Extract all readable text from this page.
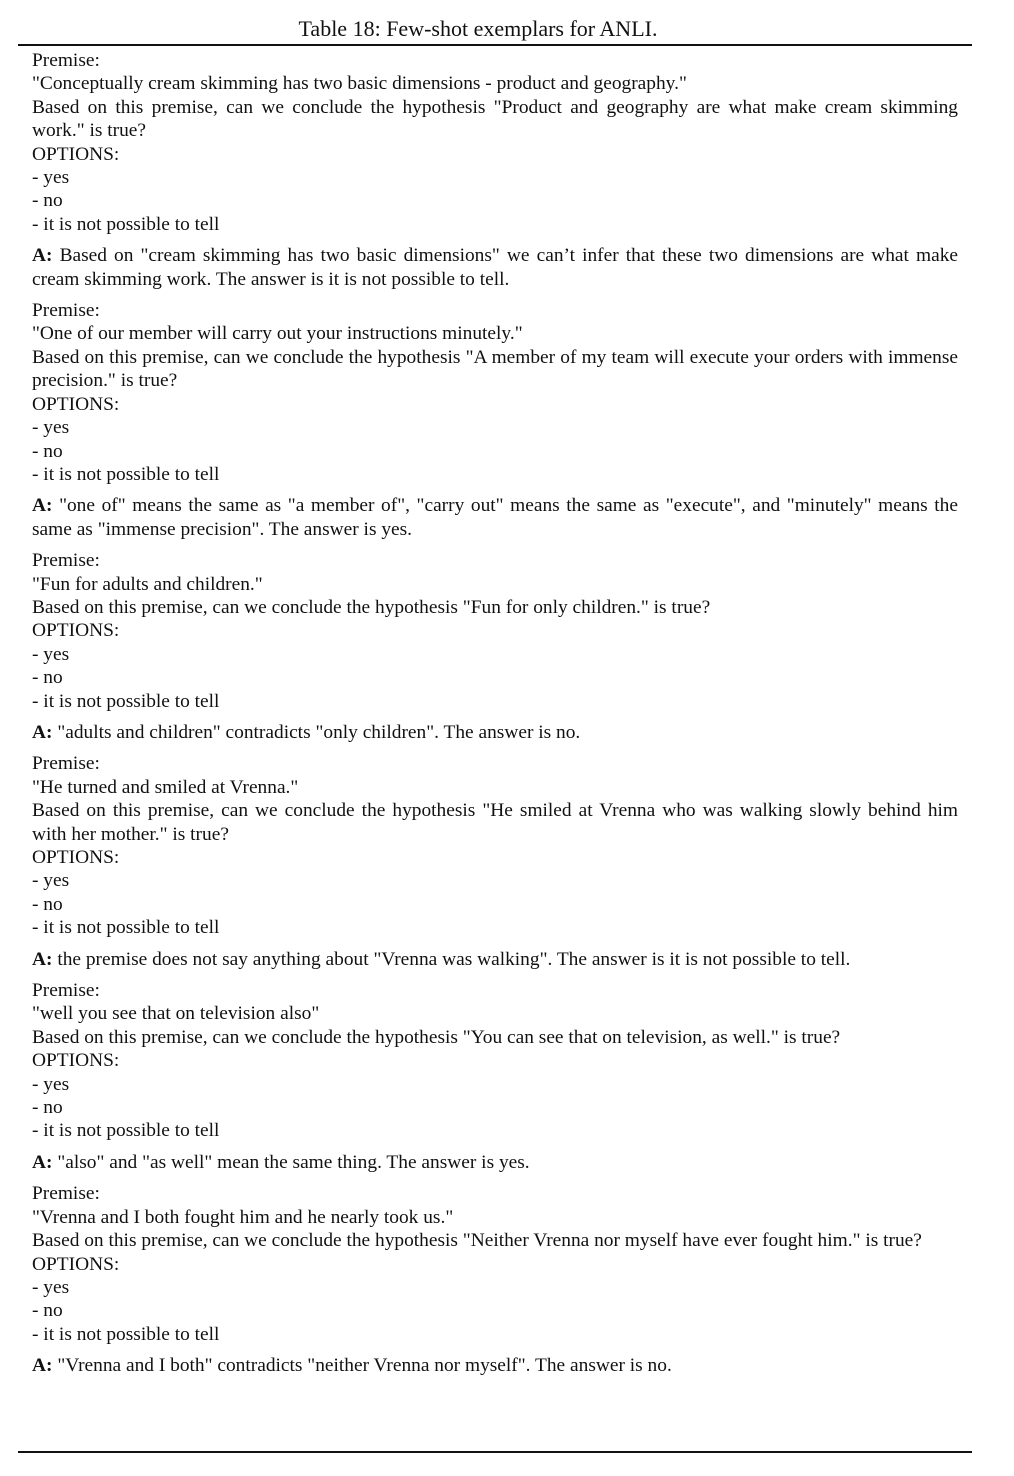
Table 18: Few-shot exemplars for ANLI.
Premise:
"Conceptually cream skimming has two basic dimensions - product and geography."
Based on this premise, can we conclude the hypothesis "Product and geography are what make cream skimming work." is true?
OPTIONS:
- yes
- no
- it is not possible to tell
A: Based on "cream skimming has two basic dimensions" we can’t infer that these two dimensions are what make cream skimming work. The answer is it is not possible to tell.
Premise:
"One of our member will carry out your instructions minutely."
Based on this premise, can we conclude the hypothesis "A member of my team will execute your orders with immense precision." is true?
OPTIONS:
- yes
- no
- it is not possible to tell
A: "one of" means the same as "a member of", "carry out" means the same as "execute", and "minutely" means the same as "immense precision". The answer is yes.
Premise:
"Fun for adults and children."
Based on this premise, can we conclude the hypothesis "Fun for only children." is true?
OPTIONS:
- yes
- no
- it is not possible to tell
A: "adults and children" contradicts "only children". The answer is no.
Premise:
"He turned and smiled at Vrenna."
Based on this premise, can we conclude the hypothesis "He smiled at Vrenna who was walking slowly behind him with her mother." is true?
OPTIONS:
- yes
- no
- it is not possible to tell
A: the premise does not say anything about "Vrenna was walking". The answer is it is not possible to tell.
Premise:
"well you see that on television also"
Based on this premise, can we conclude the hypothesis "You can see that on television, as well." is true?
OPTIONS:
- yes
- no
- it is not possible to tell
A: "also" and "as well" mean the same thing. The answer is yes.
Premise:
"Vrenna and I both fought him and he nearly took us."
Based on this premise, can we conclude the hypothesis "Neither Vrenna nor myself have ever fought him." is true?
OPTIONS:
- yes
- no
- it is not possible to tell
A: "Vrenna and I both" contradicts "neither Vrenna nor myself". The answer is no.
